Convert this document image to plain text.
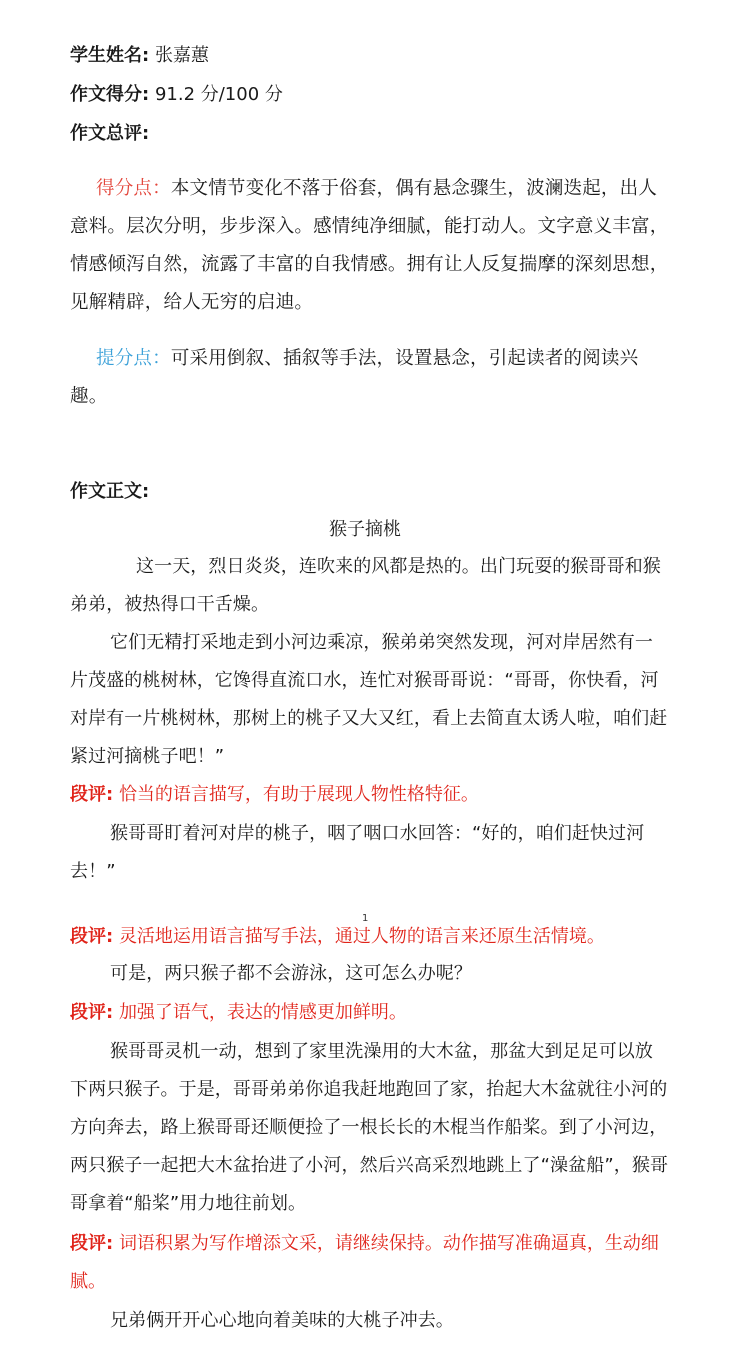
学生姓名: 张嘉蕙
作文得分: 91.2 分/100 分
作文总评:

得分点：本文情节变化不落于俗套，偶有悬念骤生，波澜迭起，出人意料。层次分明，步步深入。感情纯净细腻，能打动人。文字意义丰富，情感倾泻自然，流露了丰富的自我情感。拥有让人反复揣摩的深刻思想，见解精辟，给人无穷的启迪。

提分点：可采用倒叙、插叙等手法，设置悬念，引起读者的阅读兴趣。

作文正文:
猴子摘桃

这一天，烈日炎炎，连吹来的风都是热的。出门玩耍的猴哥哥和猴弟弟，被热得口干舌燥。

它们无精打采地走到小河边乘凉，猴弟弟突然发现，河对岸居然有一片茂盛的桃树林，它馋得直流口水，连忙对猴哥哥说：“哥哥，你快看，河对岸有一片桃树林，那树上的桃子又大又红，看上去简直太诱人啦，咱们赶紧过河摘桃子吧！”

段评: 恰当的语言描写，有助于展现人物性格特征。

猴哥哥盯着河对岸的桃子，咽了咽口水回答：“好的，咱们赶快过河去！”

1

段评: 灵活地运用语言描写手法，通过人物的语言来还原生活情境。

可是，两只猴子都不会游泳，这可怎么办呢？

段评: 加强了语气，表达的情感更加鲜明。

猴哥哥灵机一动，想到了家里洗澡用的大木盆，那盆大到足足可以放下两只猴子。于是，哥哥弟弟你追我赶地跑回了家，抬起大木盆就往小河的方向奔去，路上猴哥哥还顺便捡了一根长长的木棍当作船桨。到了小河边，两只猴子一起把大木盆抬进了小河，然后兴高采烈地跳上了“澡盆船”，猴哥哥拿着“船桨”用力地往前划。

段评: 词语积累为写作增添文采，请继续保持。动作描写准确逼真，生动细腻。

兄弟俩开开心心地向着美味的大桃子冲去。
